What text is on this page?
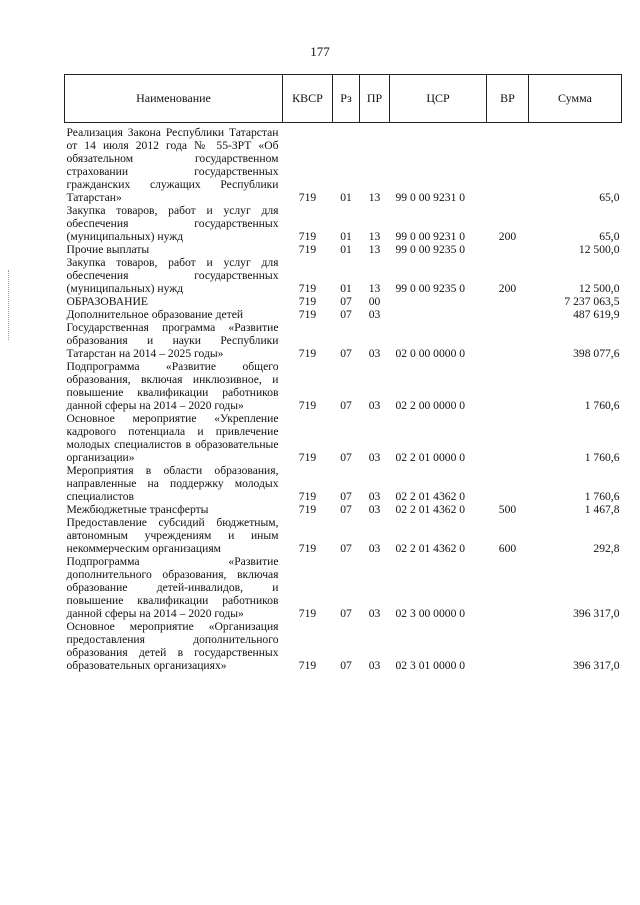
177
Наименование	КВСР	Рз	ПР	ЦСР	ВР	Сумма
Реализация Закона Республики Татарстан от 14 июля 2012 года № 55-ЗРТ «Об обязательном государственном страховании государственных гражданских служащих Республики Татарстан»	719	01	13	99 0 00 9231 0		65,0
Закупка товаров, работ и услуг для обеспечения государственных (муниципальных) нужд	719	01	13	99 0 00 9231 0	200	65,0
Прочие выплаты	719	01	13	99 0 00 9235 0		12 500,0
Закупка товаров, работ и услуг для обеспечения государственных (муниципальных) нужд	719	01	13	99 0 00 9235 0	200	12 500,0
ОБРАЗОВАНИЕ	719	07	00			7 237 063,5
Дополнительное образование детей	719	07	03			487 619,9
Государственная программа «Развитие образования и науки Республики Татарстан на 2014 – 2025 годы»	719	07	03	02 0 00 0000 0		398 077,6
Подпрограмма «Развитие общего образования, включая инклюзивное, и повышение квалификации работников данной сферы на 2014 – 2020 годы»	719	07	03	02 2 00 0000 0		1 760,6
Основное мероприятие «Укрепление кадрового потенциала и привлечение молодых специалистов в образовательные организации»	719	07	03	02 2 01 0000 0		1 760,6
Мероприятия в области образования, направленные на поддержку молодых специалистов	719	07	03	02 2 01 4362 0		1 760,6
Межбюджетные трансферты	719	07	03	02 2 01 4362 0	500	1 467,8
Предоставление субсидий бюджетным, автономным учреждениям и иным некоммерческим организациям	719	07	03	02 2 01 4362 0	600	292,8
Подпрограмма «Развитие дополнительного образования, включая образование детей-инвалидов, и повышение квалификации работников данной сферы на 2014 – 2020 годы»	719	07	03	02 3 00 0000 0		396 317,0
Основное мероприятие «Организация предоставления дополнительного образования детей в государственных образовательных организациях»	719	07	03	02 3 01 0000 0		396 317,0
